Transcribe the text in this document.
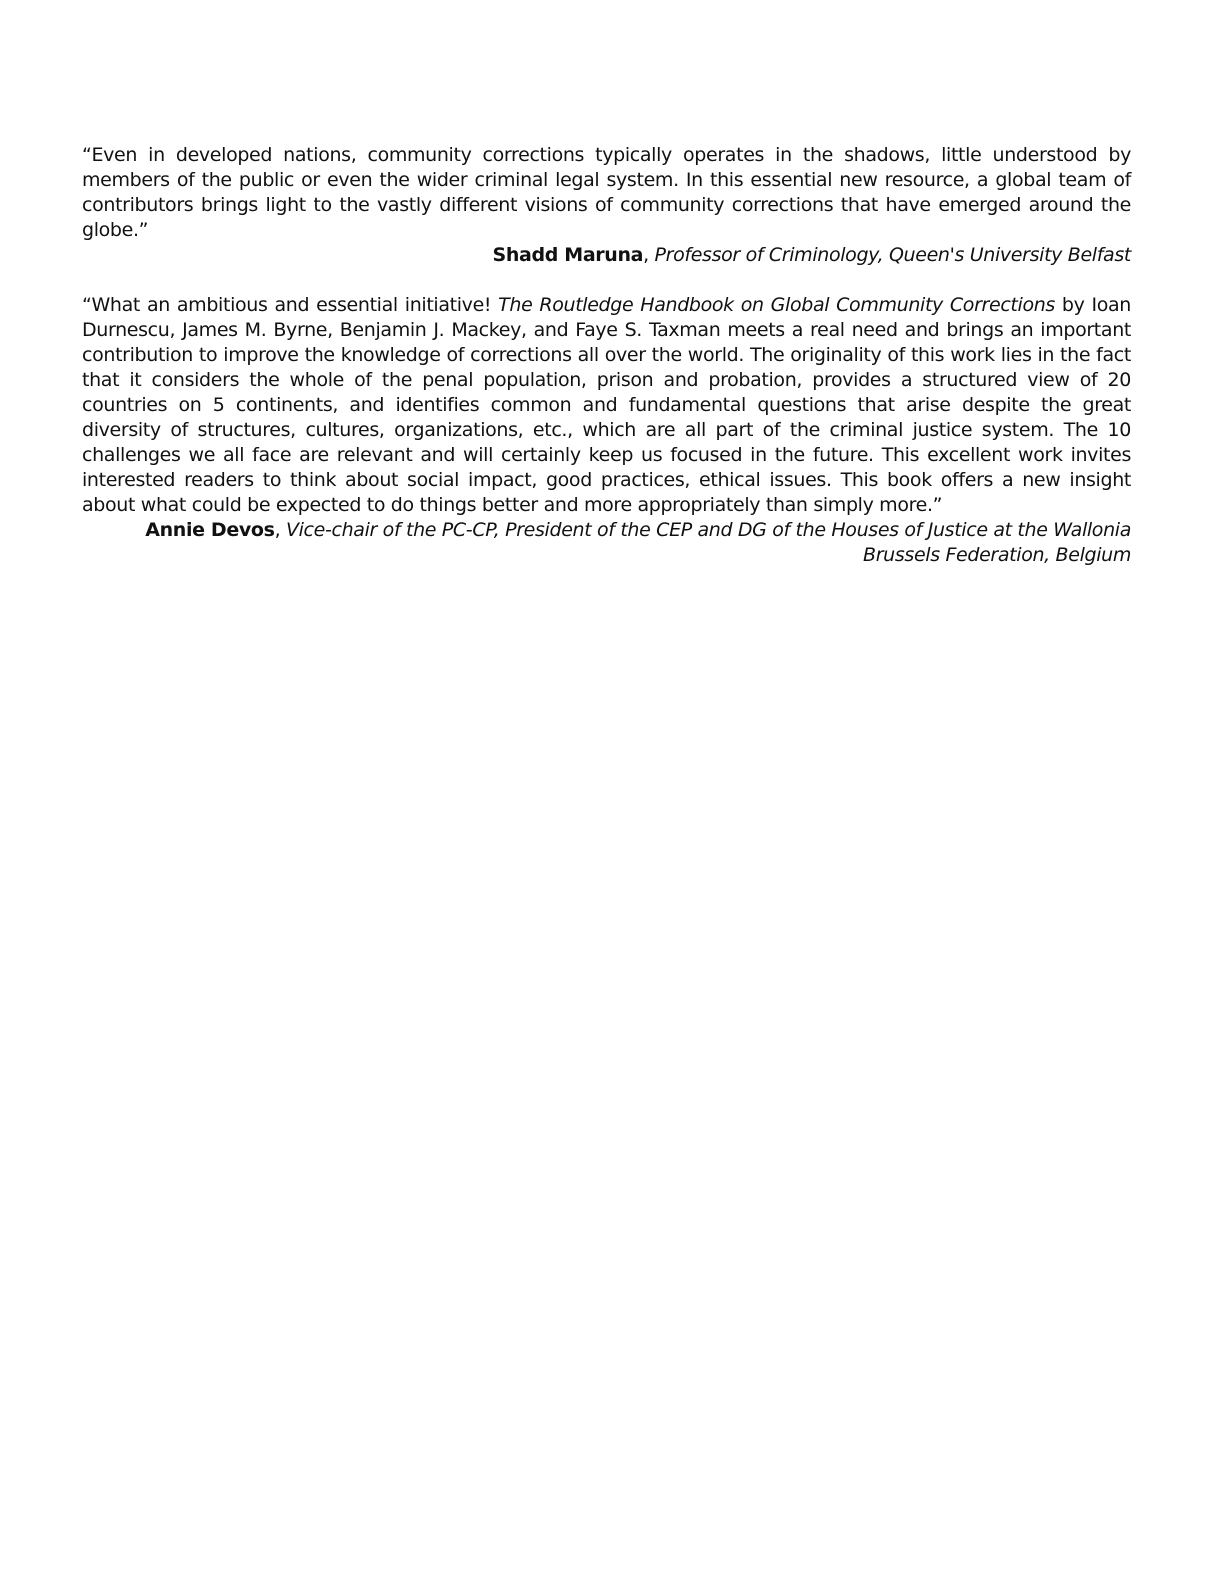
“Even in developed nations, community corrections typically operates in the shadows, little understood by members of the public or even the wider criminal legal system. In this essential new resource, a global team of contributors brings light to the vastly different visions of community corrections that have emerged around the globe.”

Shadd Maruna, Professor of Criminology, Queen's University Belfast

“What an ambitious and essential initiative! The Routledge Handbook on Global Community Corrections by Ioan Durnescu, James M. Byrne, Benjamin J. Mackey, and Faye S. Taxman meets a real need and brings an important contribution to improve the knowledge of corrections all over the world. The originality of this work lies in the fact that it considers the whole of the penal population, prison and probation, provides a structured view of 20 countries on 5 continents, and identifies common and fundamental questions that arise despite the great diversity of structures, cultures, organizations, etc., which are all part of the criminal justice system. The 10 challenges we all face are relevant and will certainly keep us focused in the future. This excellent work invites interested readers to think about social impact, good practices, ethical issues. This book offers a new insight about what could be expected to do things better and more appropriately than simply more.”

Annie Devos, Vice-chair of the PC-CP, President of the CEP and DG of the Houses of Justice at the Wallonia Brussels Federation, Belgium
